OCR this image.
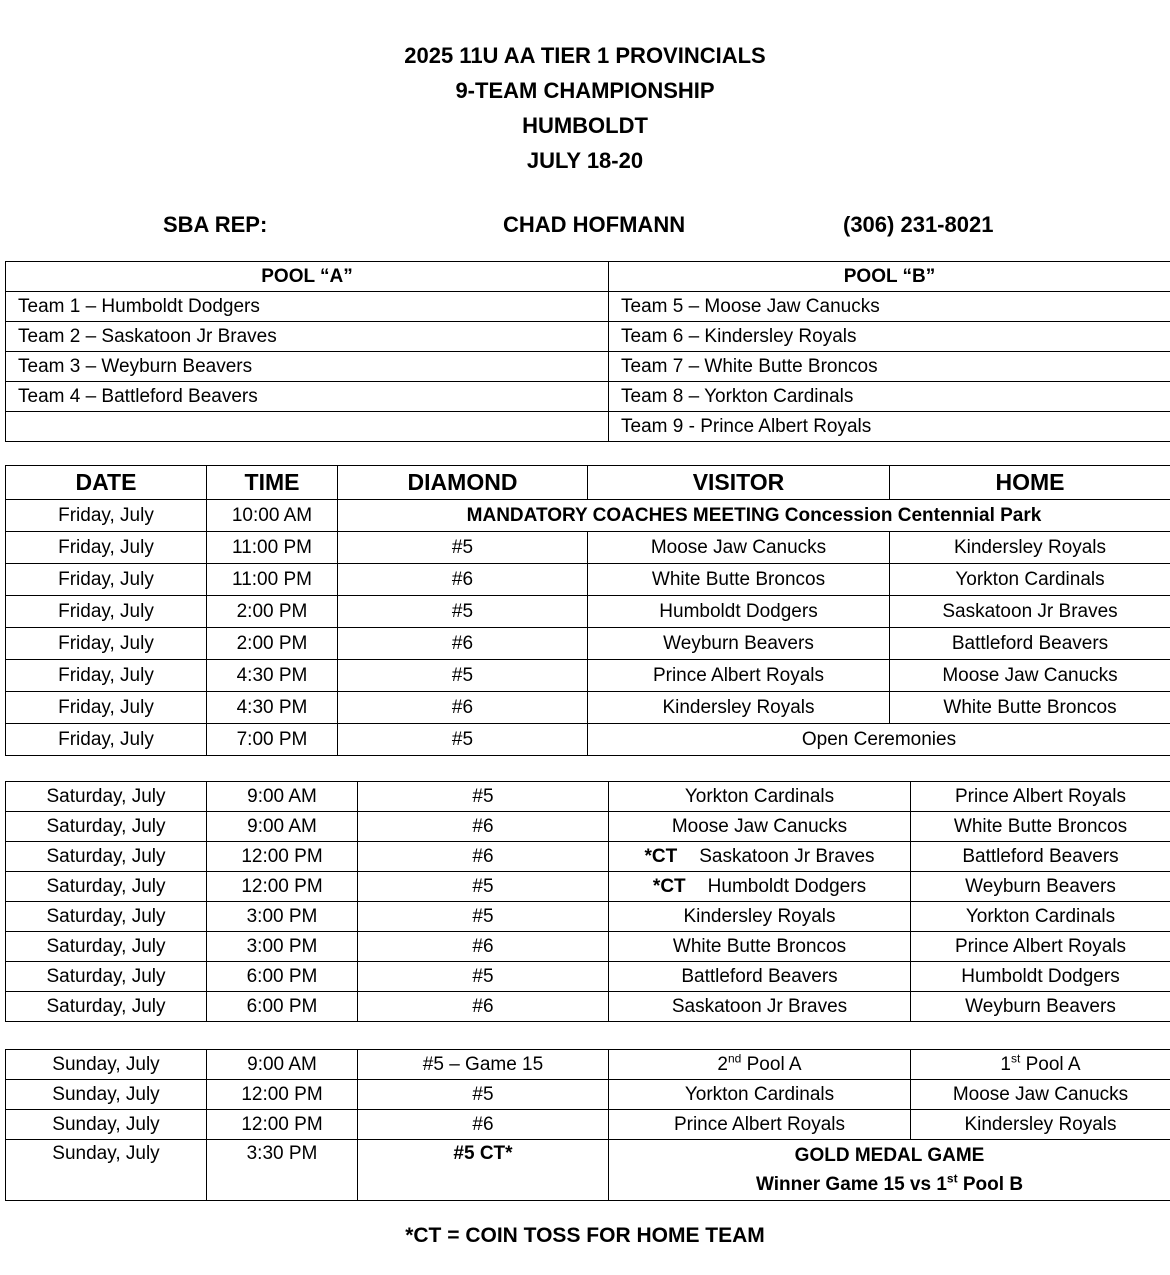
2025 11U AA TIER 1 PROVINCIALS
9-TEAM CHAMPIONSHIP
HUMBOLDT
JULY 18-20
SBA REP:	CHAD HOFMANN	(306) 231-8021
POOL “A”	POOL “B”
Team 1 – Humboldt Dodgers	Team 5 – Moose Jaw Canucks
Team 2 – Saskatoon Jr Braves	Team 6 – Kindersley Royals
Team 3 – Weyburn Beavers	Team 7 – White Butte Broncos
Team 4 – Battleford Beavers	Team 8 – Yorkton Cardinals
	Team 9 - Prince Albert Royals
DATE	TIME	DIAMOND	VISITOR	HOME
Friday, July	10:00 AM	MANDATORY COACHES MEETING Concession Centennial Park		
Friday, July	11:00 PM	#5	Moose Jaw Canucks	Kindersley Royals
Friday, July	11:00 PM	#6	White Butte Broncos	Yorkton Cardinals
Friday, July	2:00 PM	#5	Humboldt Dodgers	Saskatoon Jr Braves
Friday, July	2:00 PM	#6	Weyburn Beavers	Battleford Beavers
Friday, July	4:30 PM	#5	Prince Albert Royals	Moose Jaw Canucks
Friday, July	4:30 PM	#6	Kindersley Royals	White Butte Broncos
Friday, July	7:00 PM	#5	Open Ceremonies	
Saturday, July	9:00 AM	#5	Yorkton Cardinals	Prince Albert Royals
Saturday, July	9:00 AM	#6	Moose Jaw Canucks	White Butte Broncos
Saturday, July	12:00 PM	#6	*CT Saskatoon Jr Braves	Battleford Beavers
Saturday, July	12:00 PM	#5	*CT Humboldt Dodgers	Weyburn Beavers
Saturday, July	3:00 PM	#5	Kindersley Royals	Yorkton Cardinals
Saturday, July	3:00 PM	#6	White Butte Broncos	Prince Albert Royals
Saturday, July	6:00 PM	#5	Battleford Beavers	Humboldt Dodgers
Saturday, July	6:00 PM	#6	Saskatoon Jr Braves	Weyburn Beavers
Sunday, July	9:00 AM	#5 – Game 15	2nd Pool A	1st Pool A
Sunday, July	12:00 PM	#5	Yorkton Cardinals	Moose Jaw Canucks
Sunday, July	12:00 PM	#6	Prince Albert Royals	Kindersley Royals
Sunday, July	3:30 PM	#5 CT*	GOLD MEDAL GAME
Winner Game 15 vs 1st Pool B	
*CT = COIN TOSS FOR HOME TEAM
